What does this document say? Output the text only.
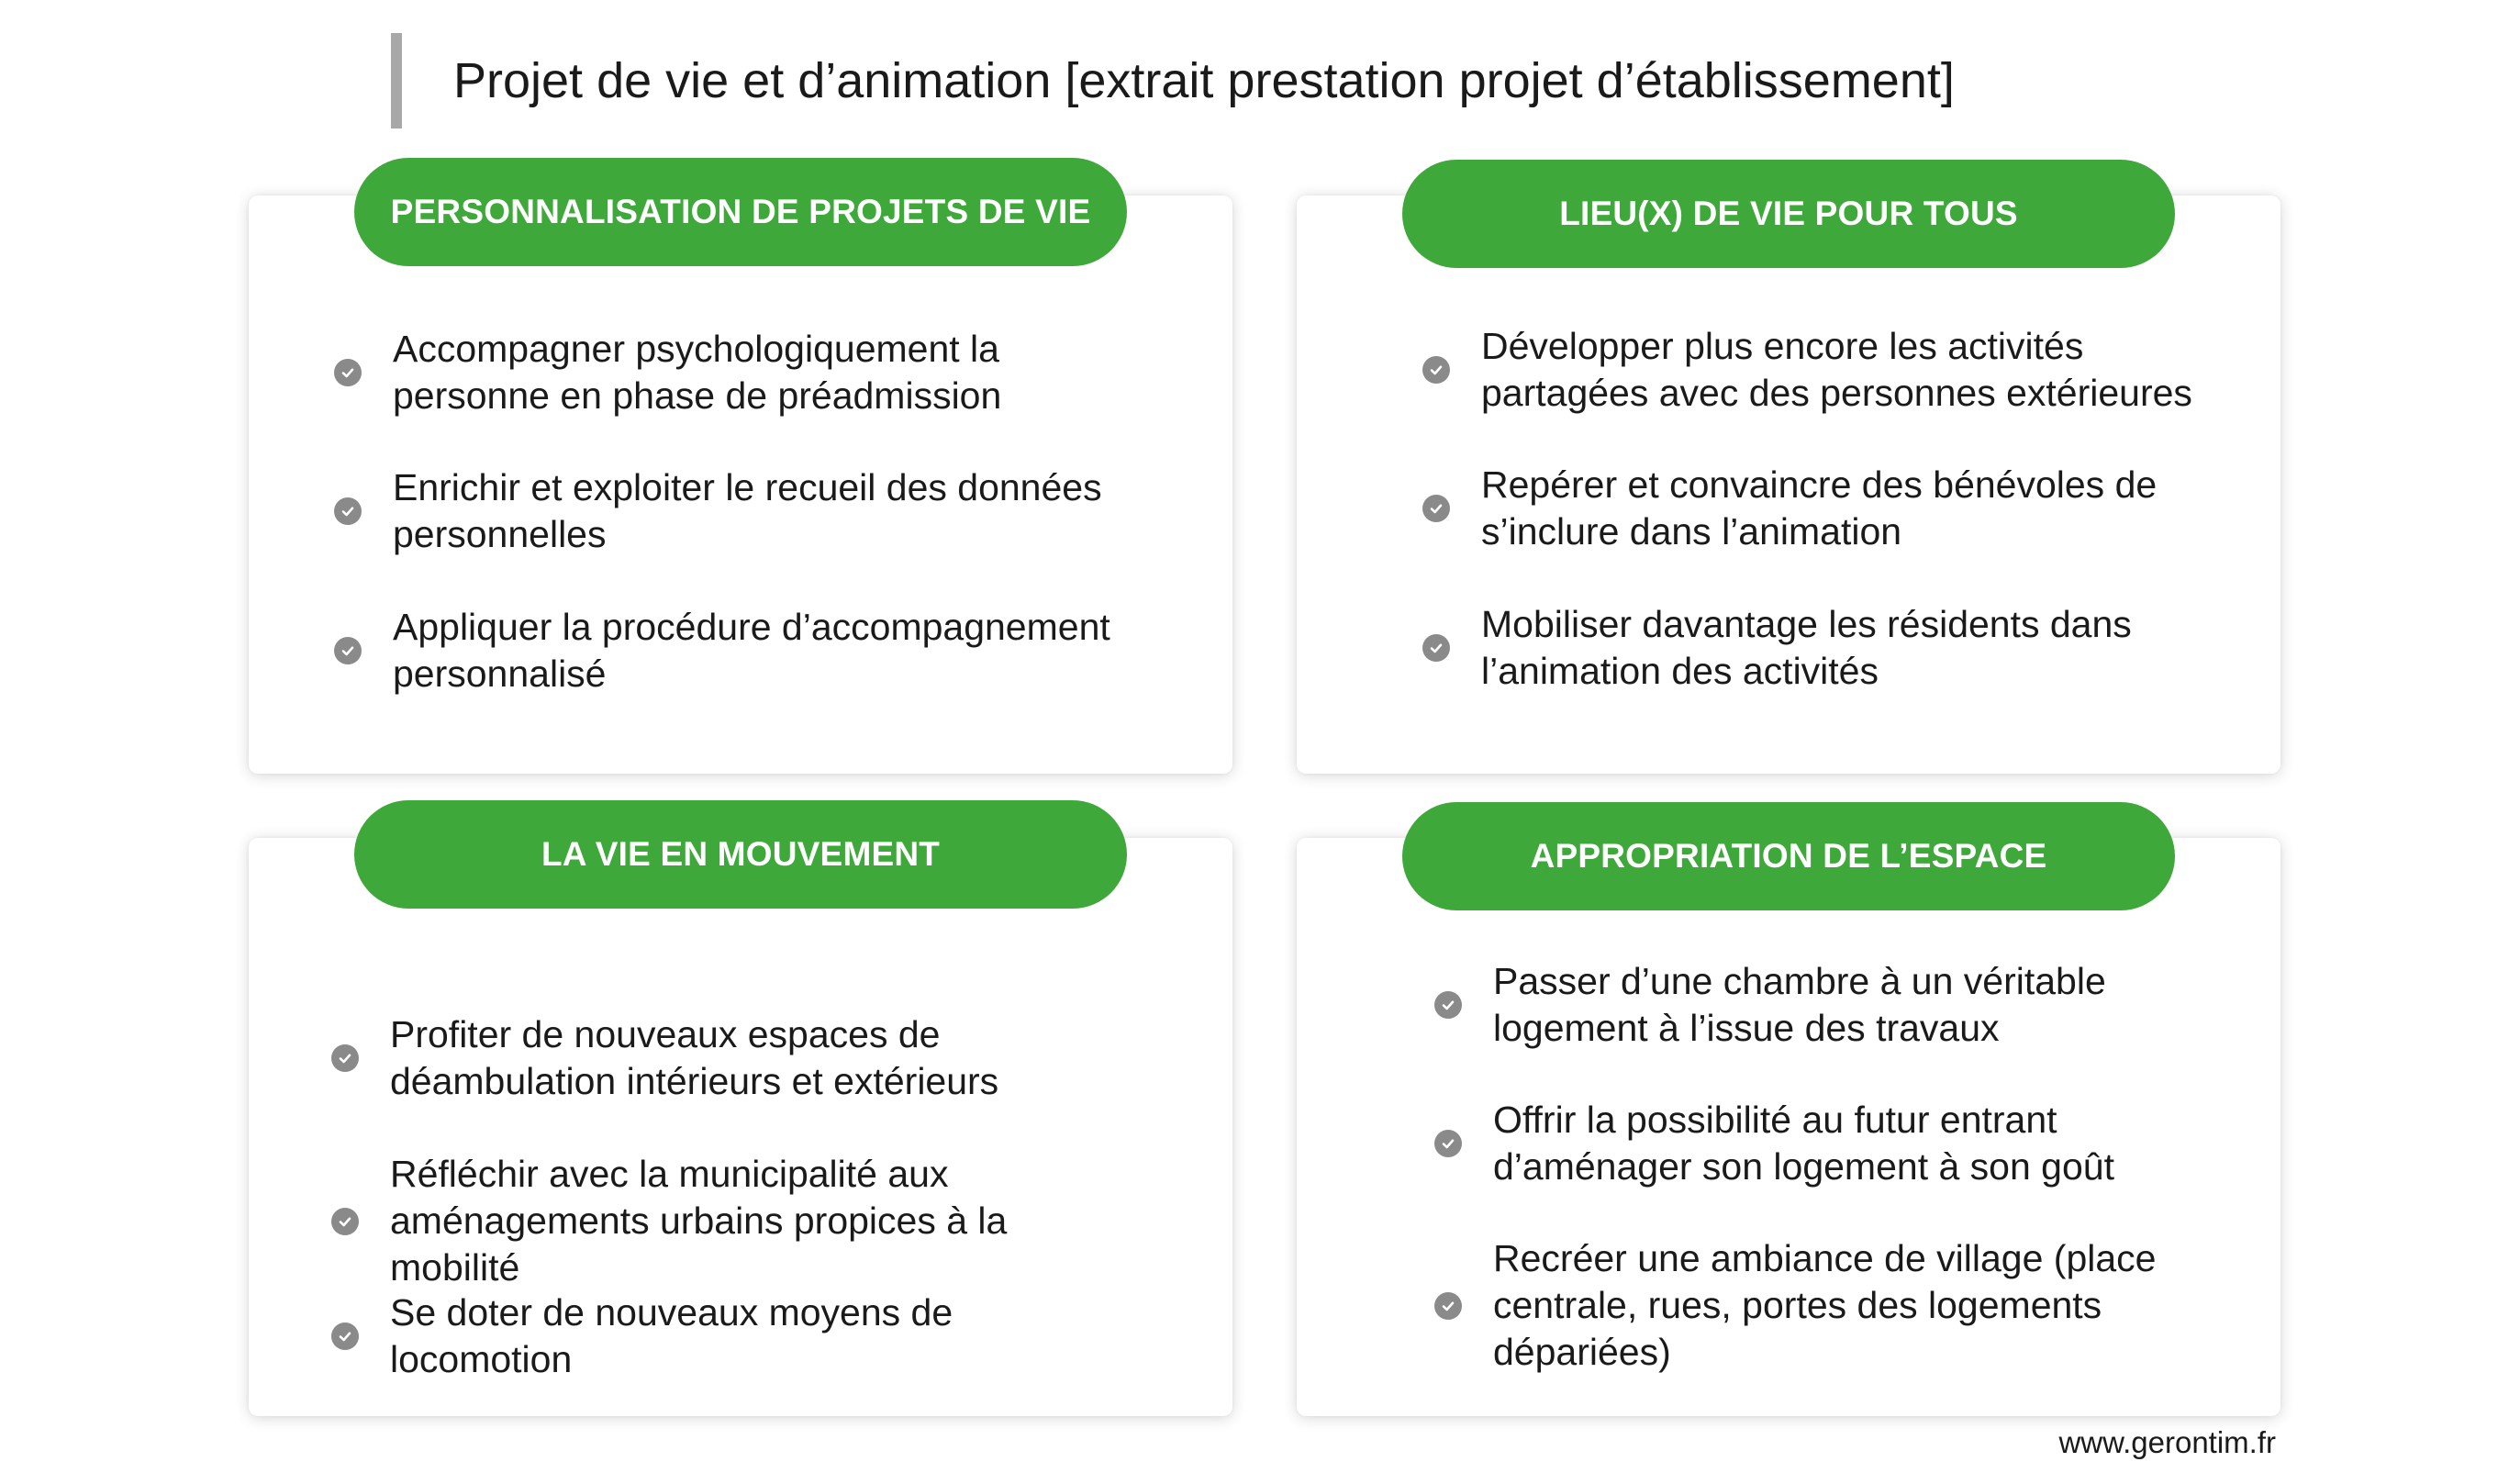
Projet de vie et d’animation [extrait prestation projet d’établissement]
PERSONNALISATION DE PROJETS DE VIE
Accompagner psychologiquement la personne en phase de préadmission
Enrichir et exploiter le recueil des données personnelles
Appliquer la procédure d’accompagnement personnalisé
LIEU(X) DE VIE POUR TOUS
Développer plus encore les activités partagées avec des personnes extérieures
Repérer et convaincre des bénévoles de s’inclure dans l’animation
Mobiliser davantage les résidents dans l’animation des activités
LA VIE EN MOUVEMENT
Profiter de nouveaux espaces de déambulation intérieurs et extérieurs
Réfléchir avec la municipalité aux aménagements urbains propices à la mobilité
Se doter de nouveaux moyens de locomotion
APPROPRIATION DE L’ESPACE
Passer d’une chambre à un véritable logement à l’issue des travaux
Offrir la possibilité au futur entrant d’aménager son logement à son goût
Recréer une ambiance de village (place centrale, rues, portes des logements dépariées)
www.gerontim.fr
